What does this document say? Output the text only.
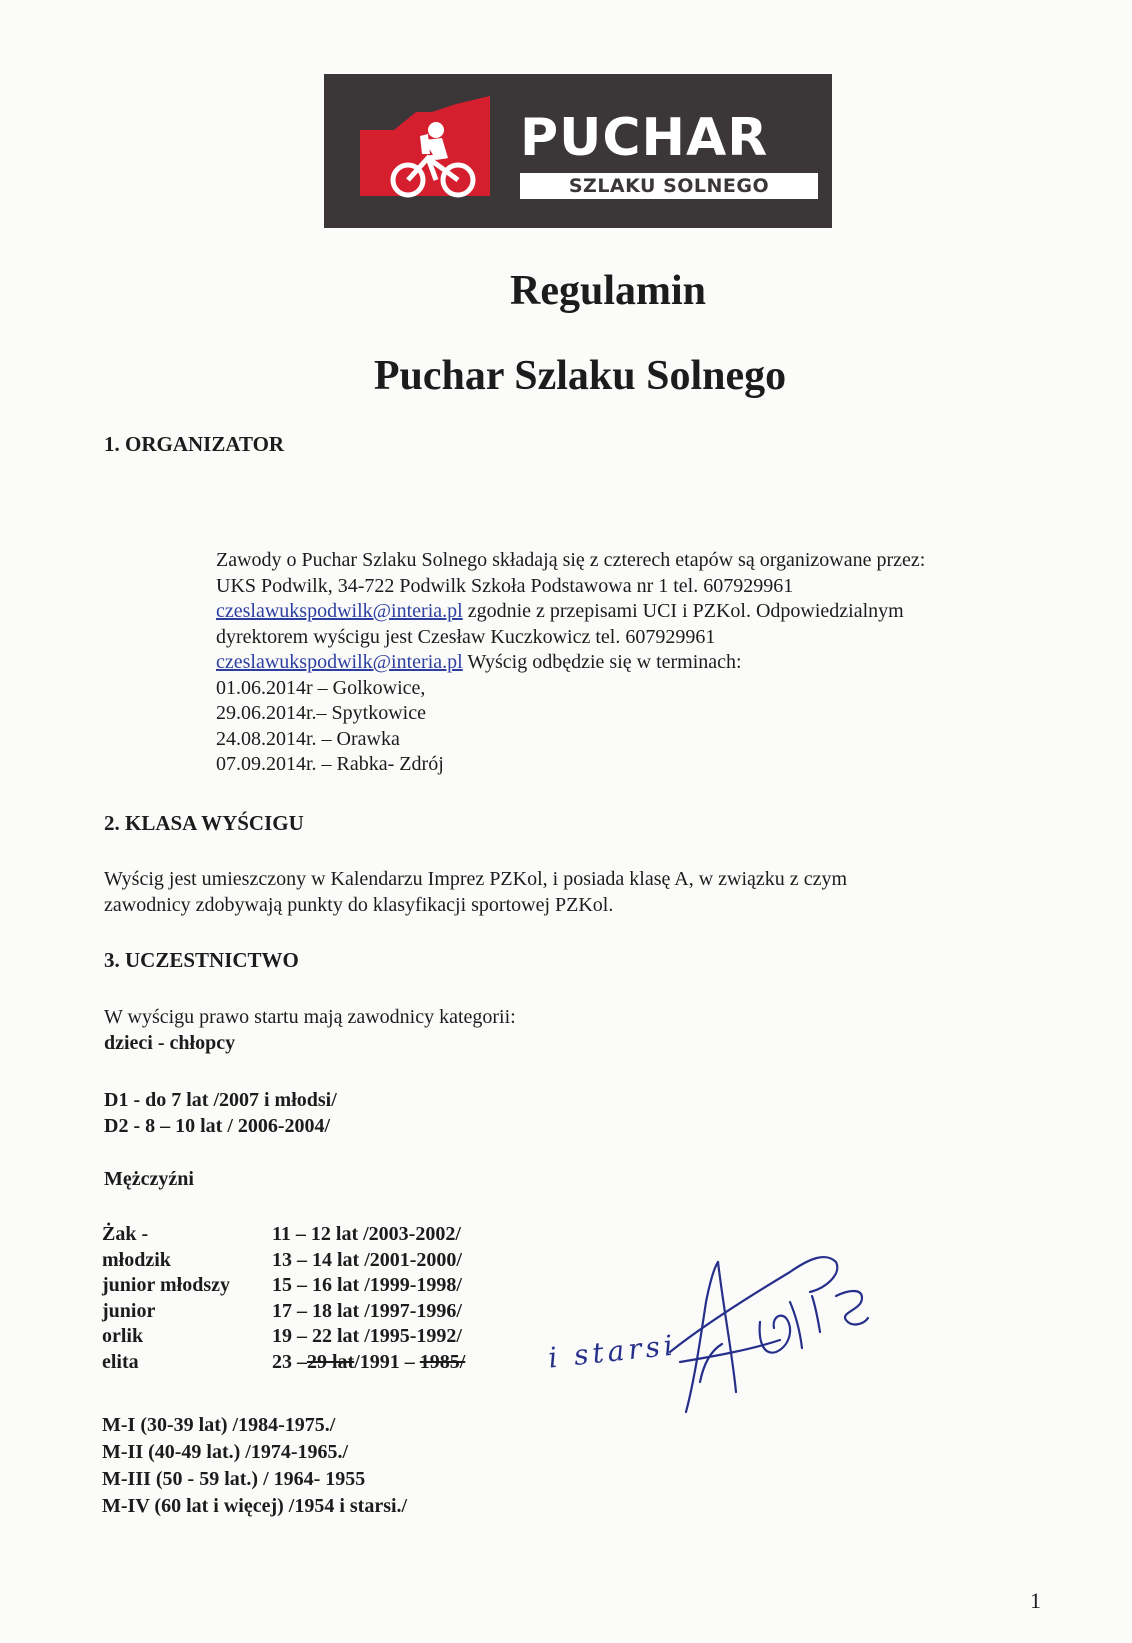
PUCHAR
SZLAKU SOLNEGO
Regulamin
Puchar Szlaku Solnego
1. ORGANIZATOR
Zawody o Puchar Szlaku Solnego składają się z czterech etapów są organizowane przez:
UKS Podwilk, 34-722 Podwilk Szkoła Podstawowa nr 1 tel. 607929961
czeslawukspodwilk@interia.pl zgodnie z przepisami UCI i PZKol. Odpowiedzialnym
dyrektorem wyścigu jest Czesław Kuczkowicz tel. 607929961
czeslawukspodwilk@interia.pl Wyścig odbędzie się w terminach:
01.06.2014r – Golkowice,
29.06.2014r.– Spytkowice
24.08.2014r. – Orawka
07.09.2014r. – Rabka- Zdrój
2. KLASA WYŚCIGU
Wyścig jest umieszczony w Kalendarzu Imprez PZKol, i posiada klasę A, w związku z czym
zawodnicy zdobywają punkty do klasyfikacji sportowej PZKol.
3. UCZESTNICTWO
W wyścigu prawo startu mają zawodnicy kategorii:
dzieci - chłopcy
D1 - do 7 lat /2007 i młodsi/
D2 - 8 – 10 lat / 2006-2004/
Mężczyźni
Żak -	11 – 12 lat /2003-2002/
młodzik	13 – 14 lat /2001-2000/
junior młodszy 15 – 16 lat /1999-1998/
junior	17 – 18 lat /1997-1996/
orlik	19 – 22 lat /1995-1992/
elita	23 –29 lat/1991 – 1985/	i starsi
M-I (30-39 lat) /1984-1975./
M-II (40-49 lat.) /1974-1965./
M-III (50 - 59 lat.) / 1964- 1955
M-IV (60 lat i więcej) /1954 i starsi./
1
